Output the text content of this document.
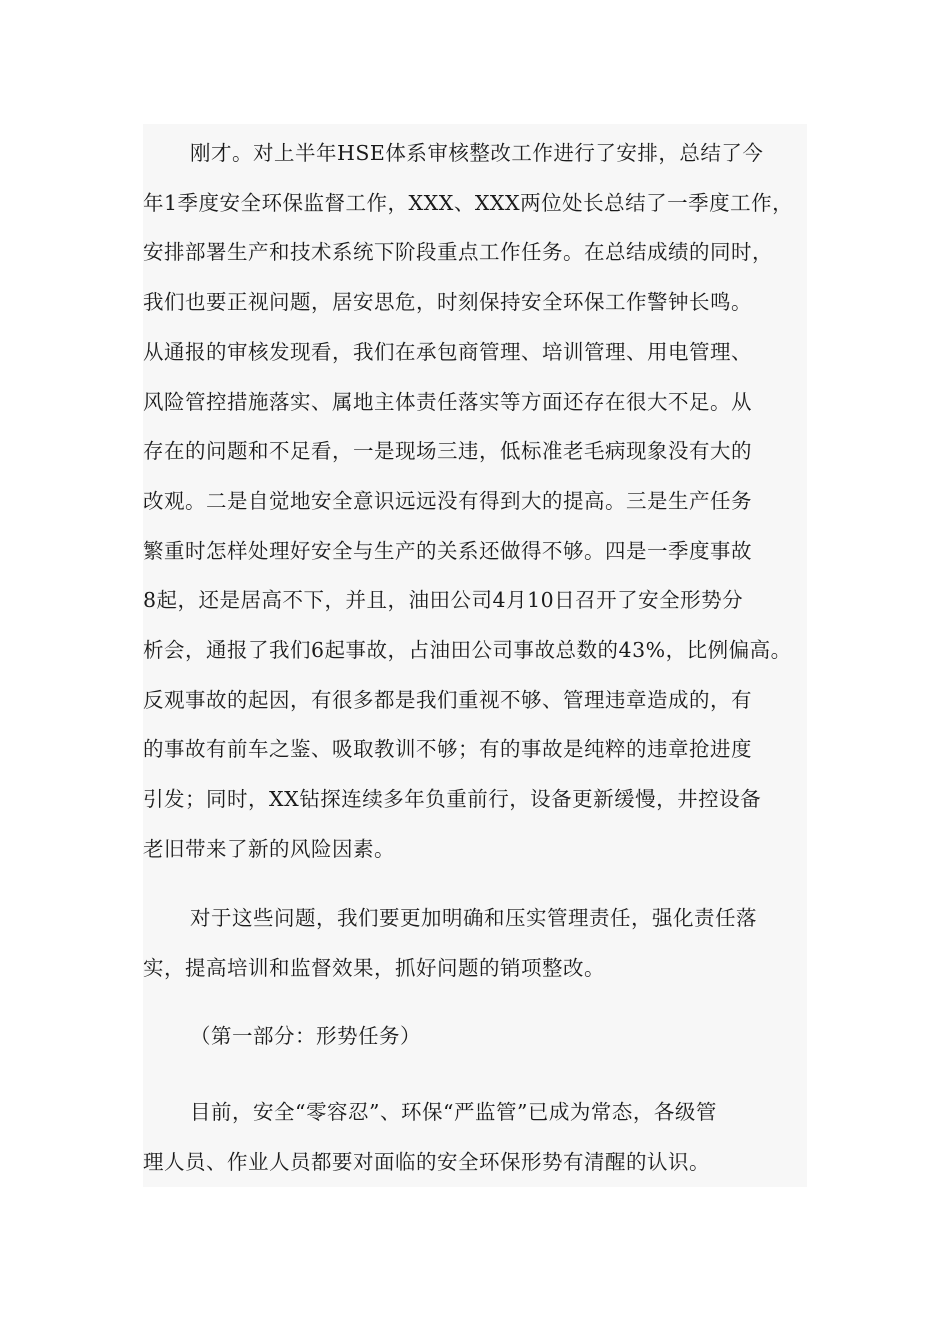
刚才。对上半年HSE体系审核整改工作进行了安排，总结了今
年1季度安全环保监督工作，XXX、XXX两位处长总结了一季度工作，
安排部署生产和技术系统下阶段重点工作任务。在总结成绩的同时，
我们也要正视问题，居安思危，时刻保持安全环保工作警钟长鸣。
从通报的审核发现看，我们在承包商管理、培训管理、用电管理、
风险管控措施落实、属地主体责任落实等方面还存在很大不足。从
存在的问题和不足看，一是现场三违，低标准老毛病现象没有大的
改观。二是自觉地安全意识远远没有得到大的提高。三是生产任务
繁重时怎样处理好安全与生产的关系还做得不够。四是一季度事故
8起，还是居高不下，并且，油田公司4月10日召开了安全形势分
析会，通报了我们6起事故，占油田公司事故总数的43%，比例偏高。
反观事故的起因，有很多都是我们重视不够、管理违章造成的，有
的事故有前车之鉴、吸取教训不够；有的事故是纯粹的违章抢进度
引发；同时，XX钻探连续多年负重前行，设备更新缓慢，井控设备
老旧带来了新的风险因素。
对于这些问题，我们要更加明确和压实管理责任，强化责任落
实，提高培训和监督效果，抓好问题的销项整改。
（第一部分：形势任务）
目前，安全“零容忍”、环保“严监管”已成为常态，各级管
理人员、作业人员都要对面临的安全环保形势有清醒的认识。
